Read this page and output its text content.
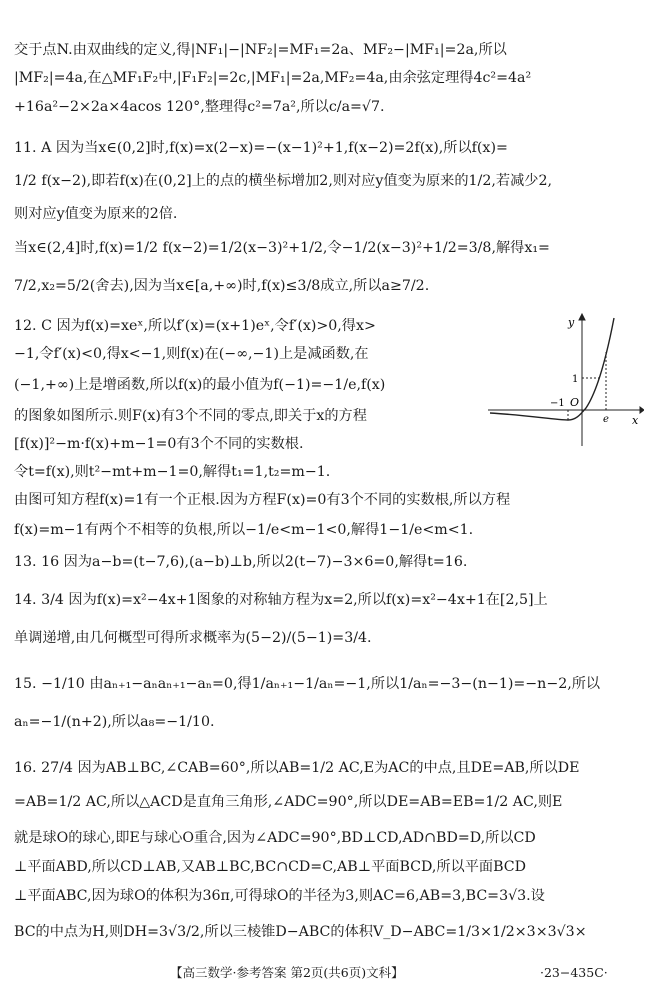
交于点N.由双曲线的定义,得|NF₁|−|NF₂|=MF₁=2a、MF₂−|MF₁|=2a,所以
|MF₂|=4a,在△MF₁F₂中,|F₁F₂|=2c,|MF₁|=2a,MF₂=4a,由余弦定理得4c²=4a²
+16a²−2×2a×4acos 120°,整理得c²=7a²,所以c/a=√7.
11. A 因为当x∈(0,2]时,f(x)=x(2−x)=−(x−1)²+1,f(x−2)=2f(x),所以f(x)=
1/2 f(x−2),即若f(x)在(0,2]上的点的横坐标增加2,则对应y值变为原来的1/2,若减少2,
则对应y值变为原来的2倍.
当x∈(2,4]时,f(x)=1/2 f(x−2)=1/2(x−3)²+1/2,令−1/2(x−3)²+1/2=3/8,解得x₁=
7/2,x₂=5/2(舍去),因为当x∈[a,+∞)时,f(x)≤3/8成立,所以a≥7/2.
12. C 因为f(x)=xeˣ,所以f′(x)=(x+1)eˣ,令f′(x)>0,得x>
−1,令f′(x)<0,得x<−1,则f(x)在(−∞,−1)上是减函数,在
(−1,+∞)上是增函数,所以f(x)的最小值为f(−1)=−1/e,f(x)
的图象如图所示.则F(x)有3个不同的零点,即关于x的方程
[f(x)]²−m·f(x)+m−1=0有3个不同的实数根.
令t=f(x),则t²−mt+m−1=0,解得t₁=1,t₂=m−1.
由图可知方程f(x)=1有一个正根.因为方程F(x)=0有3个不同的实数根,所以方程
f(x)=m−1有两个不相等的负根,所以−1/e<m−1<0,解得1−1/e<m<1.
13. 16 因为a−b=(t−7,6),(a−b)⊥b,所以2(t−7)−3×6=0,解得t=16.
14. 3/4 因为f(x)=x²−4x+1图象的对称轴方程为x=2,所以f(x)=x²−4x+1在[2,5]上
单调递增,由几何概型可得所求概率为(5−2)/(5−1)=3/4.
15. −1/10 由aₙ₊₁−aₙaₙ₊₁−aₙ=0,得1/aₙ₊₁−1/aₙ=−1,所以1/aₙ=−3−(n−1)=−n−2,所以
aₙ=−1/(n+2),所以a₈=−1/10.
16. 27/4 因为AB⊥BC,∠CAB=60°,所以AB=1/2 AC,E为AC的中点,且DE=AB,所以DE
=AB=1/2 AC,所以△ACD是直角三角形,∠ADC=90°,所以DE=AB=EB=1/2 AC,则E
就是球O的球心,即E与球心O重合,因为∠ADC=90°,BD⊥CD,AD∩BD=D,所以CD
⊥平面ABD,所以CD⊥AB,又AB⊥BC,BC∩CD=C,AB⊥平面BCD,所以平面BCD
⊥平面ABC,因为球O的体积为36π,可得球O的半径为3,则AC=6,AB=3,BC=3√3.设
BC的中点为H,则DH=3√3/2,所以三棱锥D−ABC的体积V_D−ABC=1/3×1/2×3×3√3×
y
x
O
1
−1
e
【高三数学·参考答案 第2页(共6页)文科】	·23−435C·
